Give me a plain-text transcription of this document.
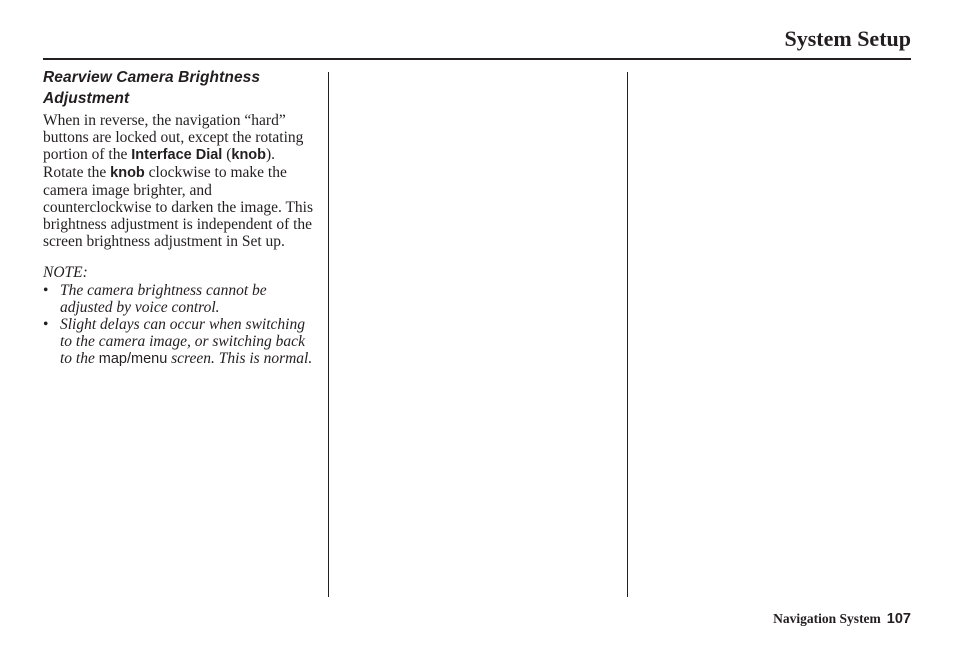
System Setup
Rearview Camera Brightness
Adjustment

When in reverse, the navigation “hard” buttons are locked out, except the rotating portion of the Interface Dial (knob). Rotate the knob clockwise to make the camera image brighter, and counterclockwise to darken the image. This brightness adjustment is independent of the screen brightness adjustment in Set up.

NOTE:
• The camera brightness cannot be adjusted by voice control.
• Slight delays can occur when switching to the camera image, or switching back to the map/menu screen. This is normal.
Navigation System 107
